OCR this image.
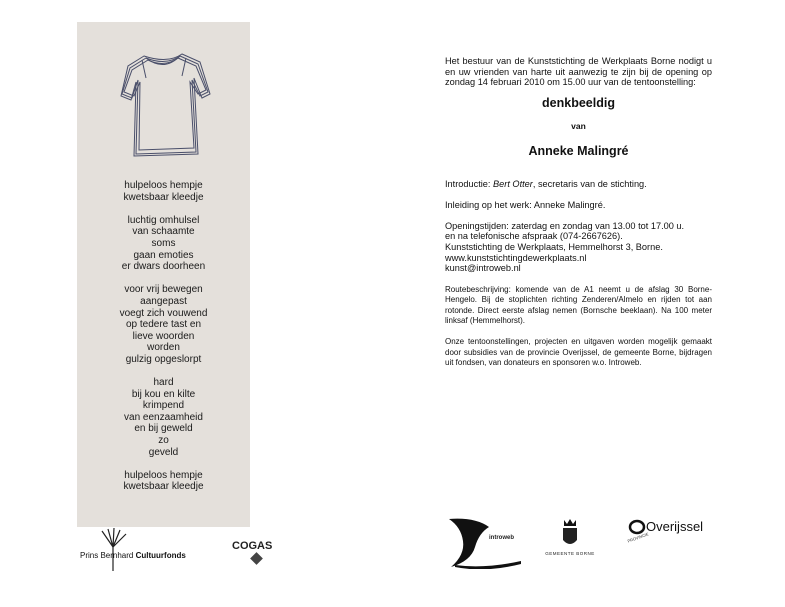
hulpeloos hempje
kwetsbaar kleedje
luchtig omhulsel
van schaamte
soms
gaan emoties
er dwars doorheen
voor vrij bewegen
aangepast
voegt zich vouwend
op tedere tast en
lieve woorden
worden
gulzig opgeslorpt
hard
bij kou en kilte
krimpend
van eenzaamheid
en bij geweld
zo
geveld
hulpeloos hempje
kwetsbaar kleedje
Prins Bernhard Cultuurfonds
COGAS

Het bestuur van de Kunststichting de Werkplaats Borne nodigt u en uw vrienden van harte uit aanwezig te zijn bij de opening op zondag 14 februari 2010 om 15.00 uur van de tentoonstelling:

denkbeeldig

van

Anneke Malingré

Introductie: Bert Otter, secretaris van de stichting.

Inleiding op het werk: Anneke Malingré.

Openingstijden: zaterdag en zondag van 13.00 tot 17.00 u.
en na telefonische afspraak (074-2667626).
Kunststichting de Werkplaats, Hemmelhorst 3, Borne.
www.kunststichtingdewerkplaats.nl
kunst@introweb.nl

Routebeschrijving: komende van de A1 neemt u de afslag 30 Borne-Hengelo. Bij de stoplichten richting Zenderen/Almelo en rijden tot aan rotonde. Direct eerste afslag nemen (Bornsche beeklaan). Na 100 meter linksaf (Hemmelhorst).

Onze tentoonstellingen, projecten en uitgaven worden mogelijk gemaakt door subsidies van de provincie Overijssel, de gemeente Borne, bijdragen uit fondsen, van donateurs en sponsoren w.o. Introweb.

introweb
GEMEENTE BORNE
Overijssel
PROVINCIE
